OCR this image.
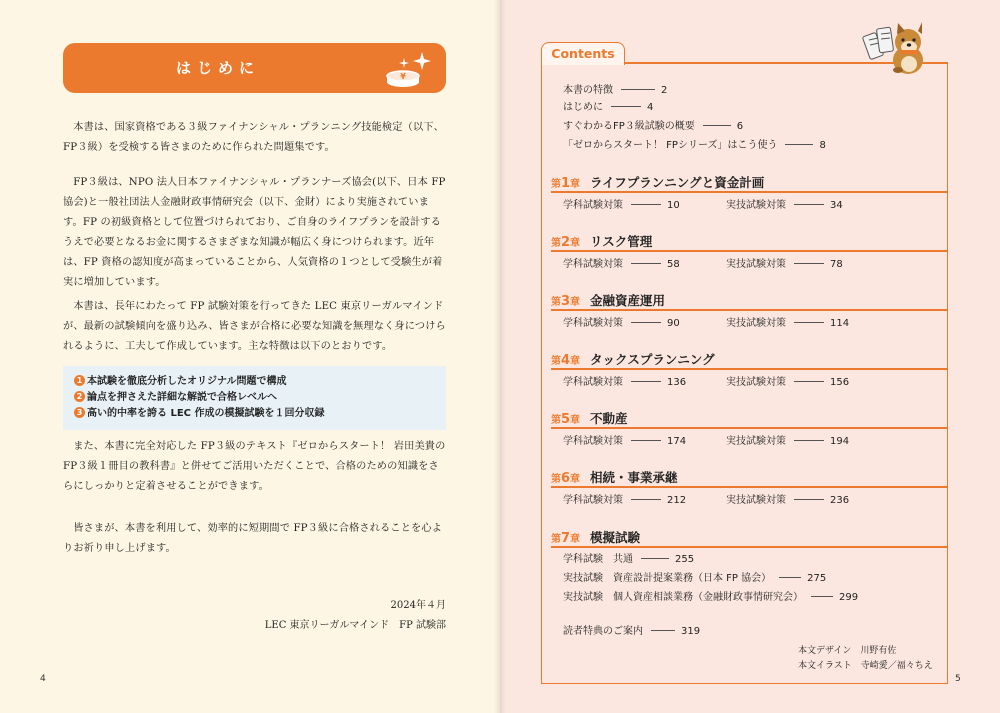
はじめに	¥

本書は、国家資格である３級ファイナンシャル・プランニング技能検定（以下、FP３級）を受検する皆さまのために作られた問題集です。

FP３級は、NPO 法人日本ファイナンシャル・プランナーズ協会(以下、日本 FP 協会)と一般社団法人金融財政事情研究会（以下、金財）により実施されています。FP の初級資格として位置づけられており、ご自身のライフプランを設計するうえで必要となるお金に関するさまざまな知識が幅広く身につけられます。近年は、FP 資格の認知度が高まっていることから、人気資格の１つとして受験生が着実に増加しています。

本書は、長年にわたって FP 試験対策を行ってきた LEC 東京リーガルマインドが、最新の試験傾向を盛り込み、皆さまが合格に必要な知識を無理なく身につけられるように、工夫して作成しています。主な特徴は以下のとおりです。

1 本試験を徹底分析したオリジナル問題で構成
2 論点を押さえた詳細な解説で合格レベルへ
3 高い的中率を誇る LEC 作成の模擬試験を１回分収録

また、本書に完全対応した FP３級のテキスト『ゼロからスタート！ 岩田美貴の FP３級１冊目の教科書』と併せてご活用いただくことで、合格のための知識をさらにしっかりと定着させることができます。

皆さまが、本書を利用して、効率的に短期間で FP３級に合格されることを心よりお祈り申し上げます。

2024年４月
LEC 東京リーガルマインド　FP 試験部
4
Contents
本書の特徴	2
はじめに	4
すぐわかるFP３級試験の概要	6
「ゼロからスタート！ FPシリーズ」はこう使う	8
第1章 ライフプランニングと資金計画
学科試験対策	10	実技試験対策	34
第2章 リスク管理
学科試験対策	58	実技試験対策	78
第3章 金融資産運用
学科試験対策	90	実技試験対策	114
第4章 タックスプランニング
学科試験対策	136	実技試験対策	156
第5章 不動産
学科試験対策	174	実技試験対策	194
第6章 相続・事業承継
学科試験対策	212	実技試験対策	236
第7章 模擬試験
学科試験　共通	255
実技試験　資産設計提案業務（日本 FP 協会）	275
実技試験　個人資産相談業務（金融財政事情研究会）	299
読者特典のご案内	319
本文デザイン　 川野有佐
本文イラスト　 寺崎愛／福々ちえ
5
